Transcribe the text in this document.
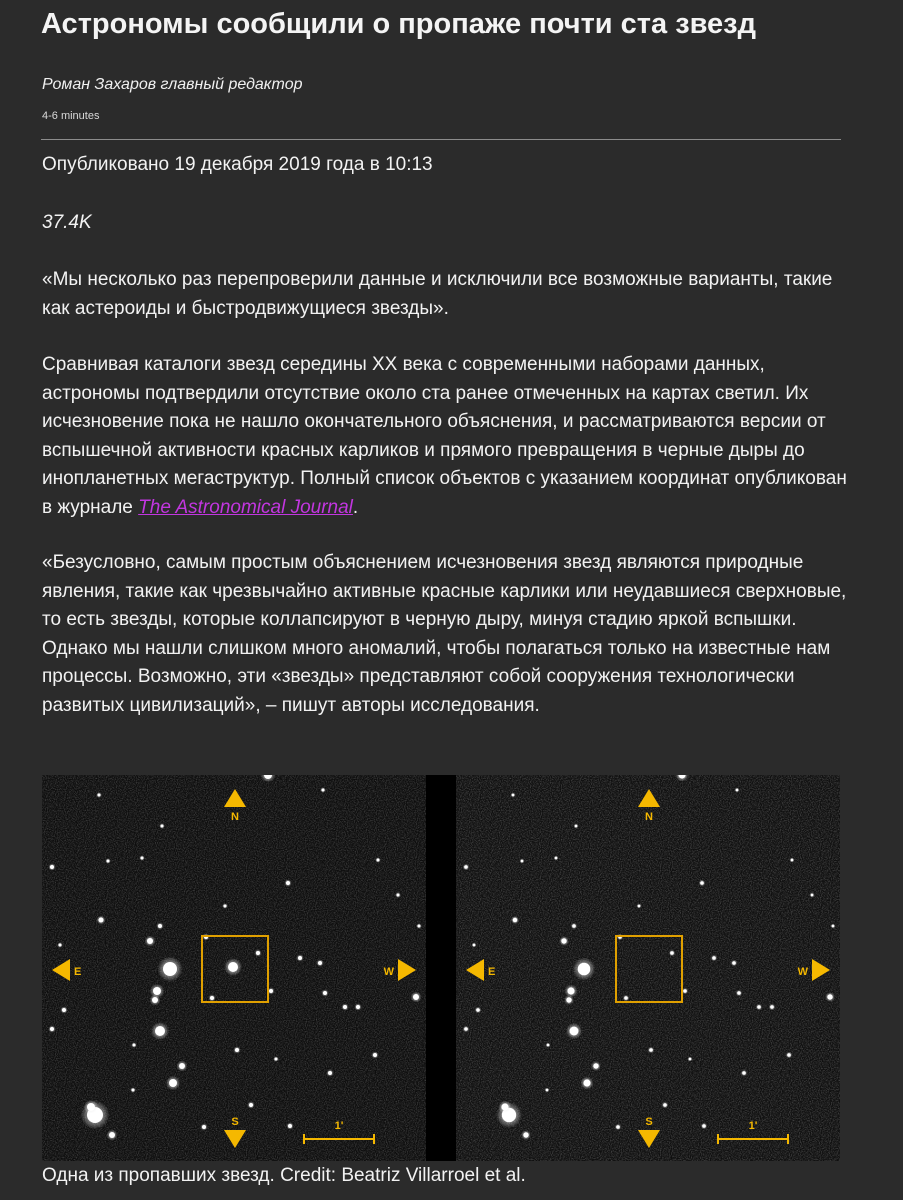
Астрономы сообщили о пропаже почти ста звезд
Роман Захаров главный редактор
4-6 minutes
Опубликовано 19 декабря 2019 года в 10:13
37.4K

«Мы несколько раз перепроверили данные и исключили все возможные варианты, такие как астероиды и быстродвижущиеся звезды».

Сравнивая каталоги звезд середины XX века с современными наборами данных, астрономы подтвердили отсутствие около ста ранее отмеченных на картах светил. Их исчезновение пока не нашло окончательного объяснения, и рассматриваются версии от вспышечной активности красных карликов и прямого превращения в черные дыры до инопланетных мегаструктур. Полный список объектов с указанием координат опубликован в журнале The Astronomical Journal.

«Безусловно, самым простым объяснением исчезновения звезд являются природные явления, такие как чрезвычайно активные красные карлики или неудавшиеся сверхновые, то есть звезды, которые коллапсируют в черную дыру, минуя стадию яркой вспышки. Однако мы нашли слишком много аномалий, чтобы полагаться только на известные нам процессы. Возможно, эти «звезды» представляют собой сооружения технологически развитых цивилизаций», – пишут авторы исследования.

N
S
E	W
1'
N
S
E	W
1'
Одна из пропавших звезд. Credit: Beatriz Villarroel et al.
